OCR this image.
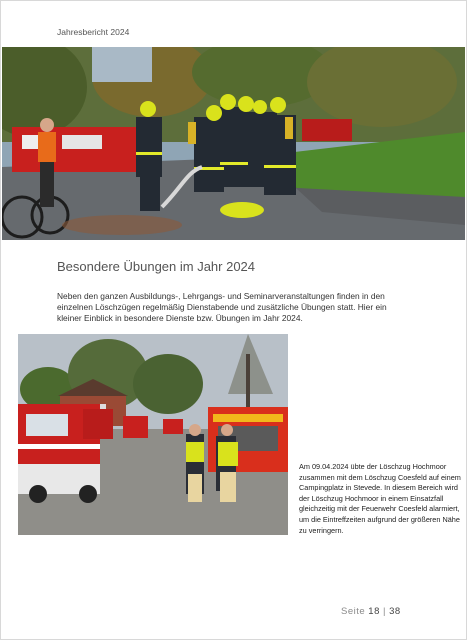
Jahresbericht 2024
Besondere Übungen im Jahr 2024

Neben den ganzen Ausbildungs-, Lehrgangs- und Seminarveranstaltungen finden in den einzelnen Löschzügen regelmäßig Dienstabende und zusätzliche Übungen statt. Hier ein kleiner Einblick in besondere Dienste bzw. Übungen im Jahr 2024.

Am 09.04.2024 übte der Löschzug Hochmoor zusammen mit dem Löschzug Coesfeld auf einem Campingplatz in Stevede. In diesem Bereich wird der Löschzug Hochmoor in einem Einsatzfall gleichzeitig mit der Feuerwehr Coesfeld alarmiert, um die Eintreffzeiten aufgrund der größeren Nähe zu verringern.

Seite 18 | 38
